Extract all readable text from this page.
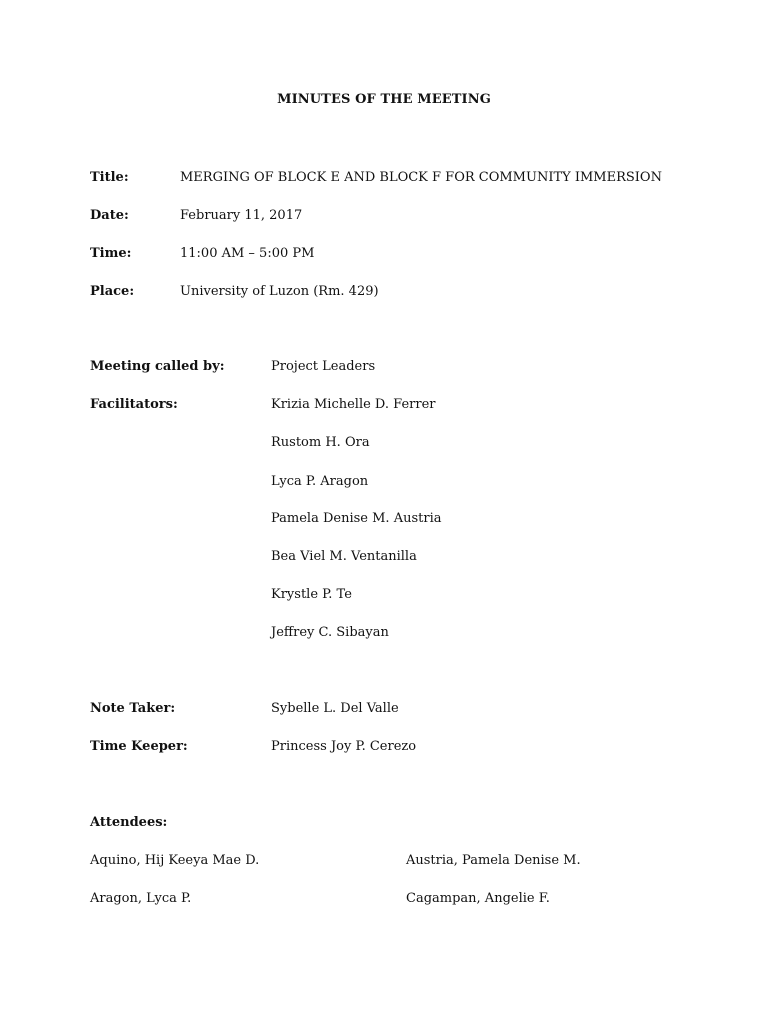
MINUTES OF THE MEETING
Title:	MERGING OF BLOCK E AND BLOCK F FOR COMMUNITY IMMERSION
Date:	February 11, 2017
Time:	11:00 AM – 5:00 PM
Place:	University of Luzon (Rm. 429)
Meeting called by:	Project Leaders
Facilitators:	Krizia Michelle D. Ferrer
Rustom H. Ora
Lyca P. Aragon
Pamela Denise M. Austria
Bea Viel M. Ventanilla
Krystle P. Te
Jeffrey C. Sibayan
Note Taker:	Sybelle L. Del Valle
Time Keeper:	Princess Joy P. Cerezo
Attendees:
Aquino, Hij Keeya Mae D.	Austria, Pamela Denise M.
Aragon, Lyca P.	Cagampan, Angelie F.
